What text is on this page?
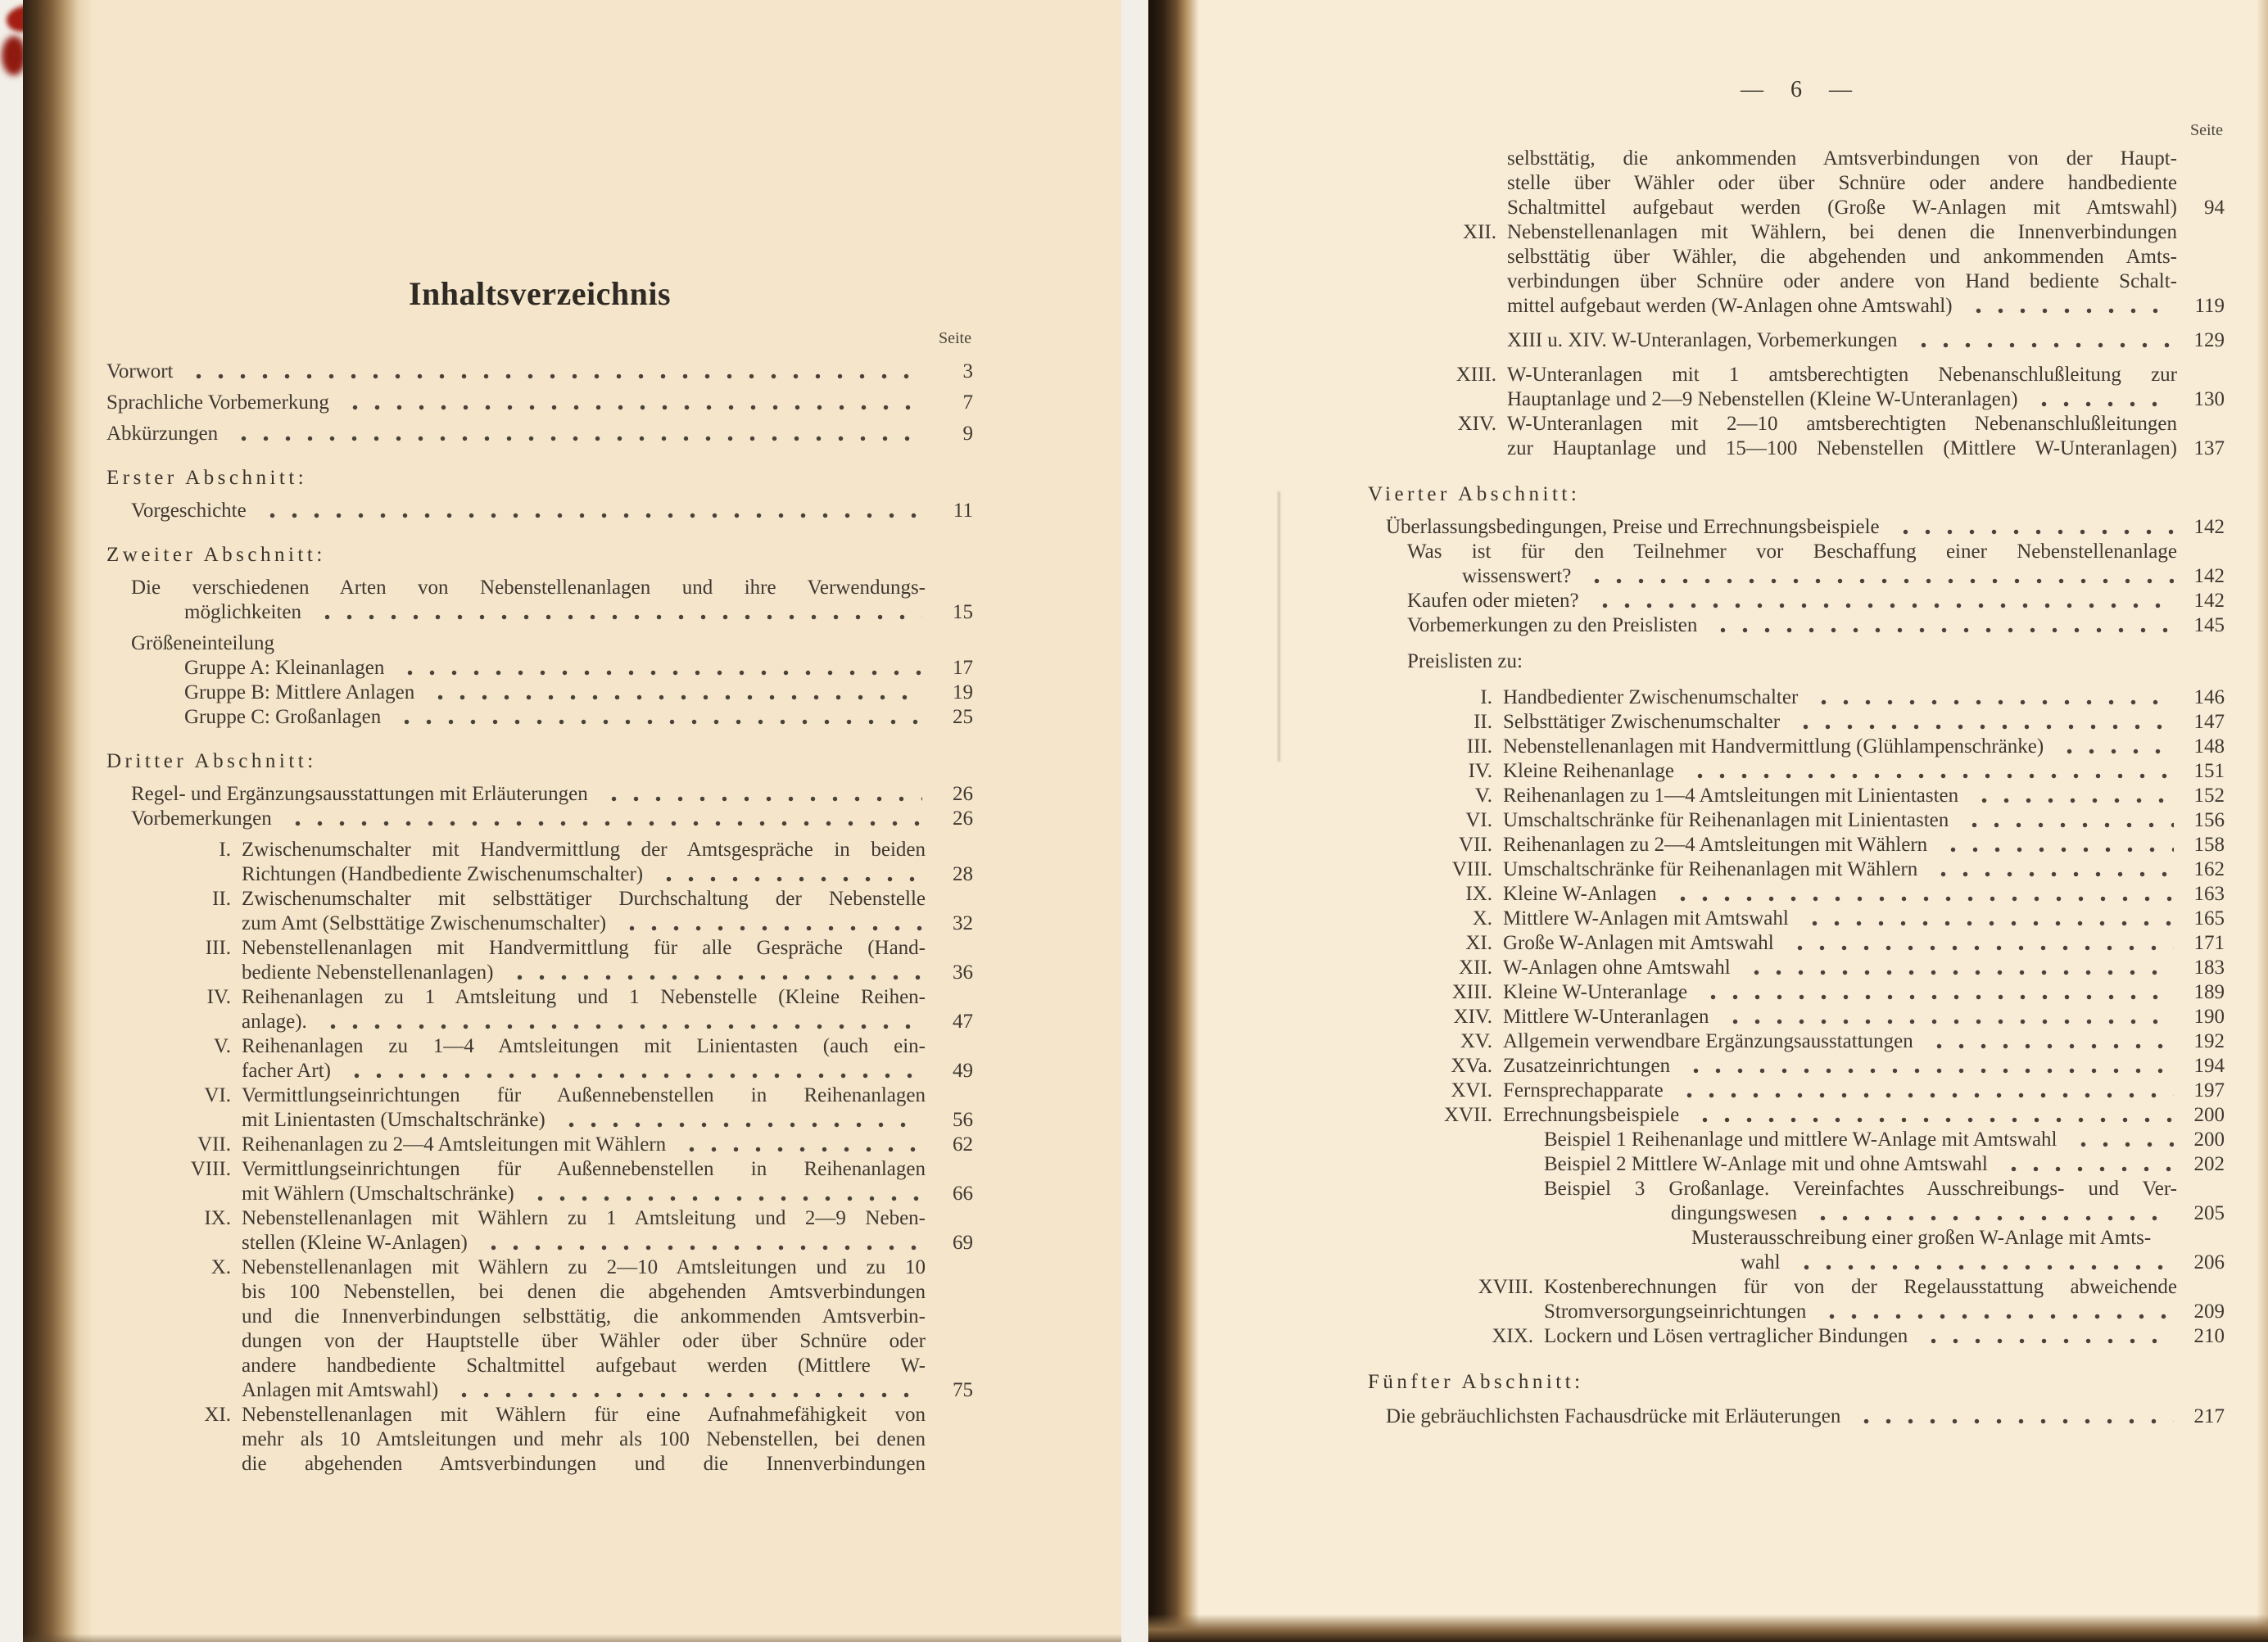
Inhaltsverzeichnis
Seite
Vorwort	3
Sprachliche Vorbemerkung	7
Abkürzungen	9
Erster Abschnitt:
Vorgeschichte	11
Zweiter Abschnitt:
Die verschiedenen Arten von Nebenstellenanlagen und ihre Verwendungs-
möglichkeiten	15
Größeneinteilung
Gruppe A: Kleinanlagen	17
Gruppe B: Mittlere Anlagen	19
Gruppe C: Großanlagen	25
Dritter Abschnitt:
Regel- und Ergänzungsausstattungen mit Erläuterungen	26
Vorbemerkungen	26
I. Zwischenumschalter mit Handvermittlung der Amtsgespräche in beiden
Richtungen (Handbediente Zwischenumschalter)	28
II. Zwischenumschalter mit selbsttätiger Durchschaltung der Nebenstelle
zum Amt (Selbsttätige Zwischenumschalter)	32
III. Nebenstellenanlagen mit Handvermittlung für alle Gespräche (Hand-
bediente Nebenstellenanlagen)	36
IV. Reihenanlagen zu 1 Amtsleitung und 1 Nebenstelle (Kleine Reihen-
anlage).	47
V. Reihenanlagen zu 1—4 Amtsleitungen mit Linientasten (auch ein-
facher Art)	49
VI. Vermittlungseinrichtungen für Außennebenstellen in Reihenanlagen
mit Linientasten (Umschaltschränke)	56
VII. Reihenanlagen zu 2—4 Amtsleitungen mit Wählern	62
VIII. Vermittlungseinrichtungen für Außennebenstellen in Reihenanlagen
mit Wählern (Umschaltschränke)	66
IX. Nebenstellenanlagen mit Wählern zu 1 Amtsleitung und 2—9 Neben-
stellen (Kleine W-Anlagen)	69
X. Nebenstellenanlagen mit Wählern zu 2—10 Amtsleitungen und zu 10
bis 100 Nebenstellen, bei denen die abgehenden Amtsverbindungen
und die Innenverbindungen selbsttätig, die ankommenden Amtsverbin-
dungen von der Hauptstelle über Wähler oder über Schnüre oder
andere handbediente Schaltmittel aufgebaut werden (Mittlere W-
Anlagen mit Amtswahl)	75
XI. Nebenstellenanlagen mit Wählern für eine Aufnahmefähigkeit von
mehr als 10 Amtsleitungen und mehr als 100 Nebenstellen, bei denen
die abgehenden Amtsverbindungen und die Innenverbindungen
— 6 —
Seite
selbsttätig, die ankommenden Amtsverbindungen von der Haupt-
stelle über Wähler oder über Schnüre oder andere handbediente
Schaltmittel aufgebaut werden (Große W-Anlagen mit Amtswahl)	94
XII. Nebenstellenanlagen mit Wählern, bei denen die Innenverbindungen
selbsttätig über Wähler, die abgehenden und ankommenden Amts-
verbindungen über Schnüre oder andere von Hand bediente Schalt-
mittel aufgebaut werden (W-Anlagen ohne Amtswahl)	119
XIII u. XIV. W-Unteranlagen, Vorbemerkungen	129
XIII. W-Unteranlagen mit 1 amtsberechtigten Nebenanschlußleitung zur
Hauptanlage und 2—9 Nebenstellen (Kleine W-Unteranlagen)	130
XIV. W-Unteranlagen mit 2—10 amtsberechtigten Nebenanschlußleitungen
zur Hauptanlage und 15—100 Nebenstellen (Mittlere W-Unteranlagen) 137
Vierter Abschnitt:
Überlassungsbedingungen, Preise und Errechnungsbeispiele	142
Was ist für den Teilnehmer vor Beschaffung einer Nebenstellenanlage
wissenswert?	142
Kaufen oder mieten?	142
Vorbemerkungen zu den Preislisten	145
Preislisten zu:
I. Handbedienter Zwischenumschalter	146
II. Selbsttätiger Zwischenumschalter	147
III. Nebenstellenanlagen mit Handvermittlung (Glühlampenschränke)	148
IV. Kleine Reihenanlage	151
V. Reihenanlagen zu 1—4 Amtsleitungen mit Linientasten	152
VI. Umschaltschränke für Reihenanlagen mit Linientasten	156
VII. Reihenanlagen zu 2—4 Amtsleitungen mit Wählern	158
VIII. Umschaltschränke für Reihenanlagen mit Wählern	162
IX. Kleine W-Anlagen	163
X. Mittlere W-Anlagen mit Amtswahl	165
XI. Große W-Anlagen mit Amtswahl	171
XII. W-Anlagen ohne Amtswahl	183
XIII. Kleine W-Unteranlage	189
XIV. Mittlere W-Unteranlagen	190
XV. Allgemein verwendbare Ergänzungsausstattungen	192
XVa. Zusatzeinrichtungen	194
XVI. Fernsprechapparate	197
XVII. Errechnungsbeispiele	200
Beispiel 1 Reihenanlage und mittlere W-Anlage mit Amtswahl	200
Beispiel 2 Mittlere W-Anlage mit und ohne Amtswahl	202
Beispiel 3 Großanlage. Vereinfachtes Ausschreibungs- und Ver-
dingungswesen	205
Musterausschreibung einer großen W-Anlage mit Amts-
wahl	206
XVIII. Kostenberechnungen für von der Regelausstattung abweichende
Stromversorgungseinrichtungen	209
XIX. Lockern und Lösen vertraglicher Bindungen	210
Fünfter Abschnitt:
Die gebräuchlichsten Fachausdrücke mit Erläuterungen	217
